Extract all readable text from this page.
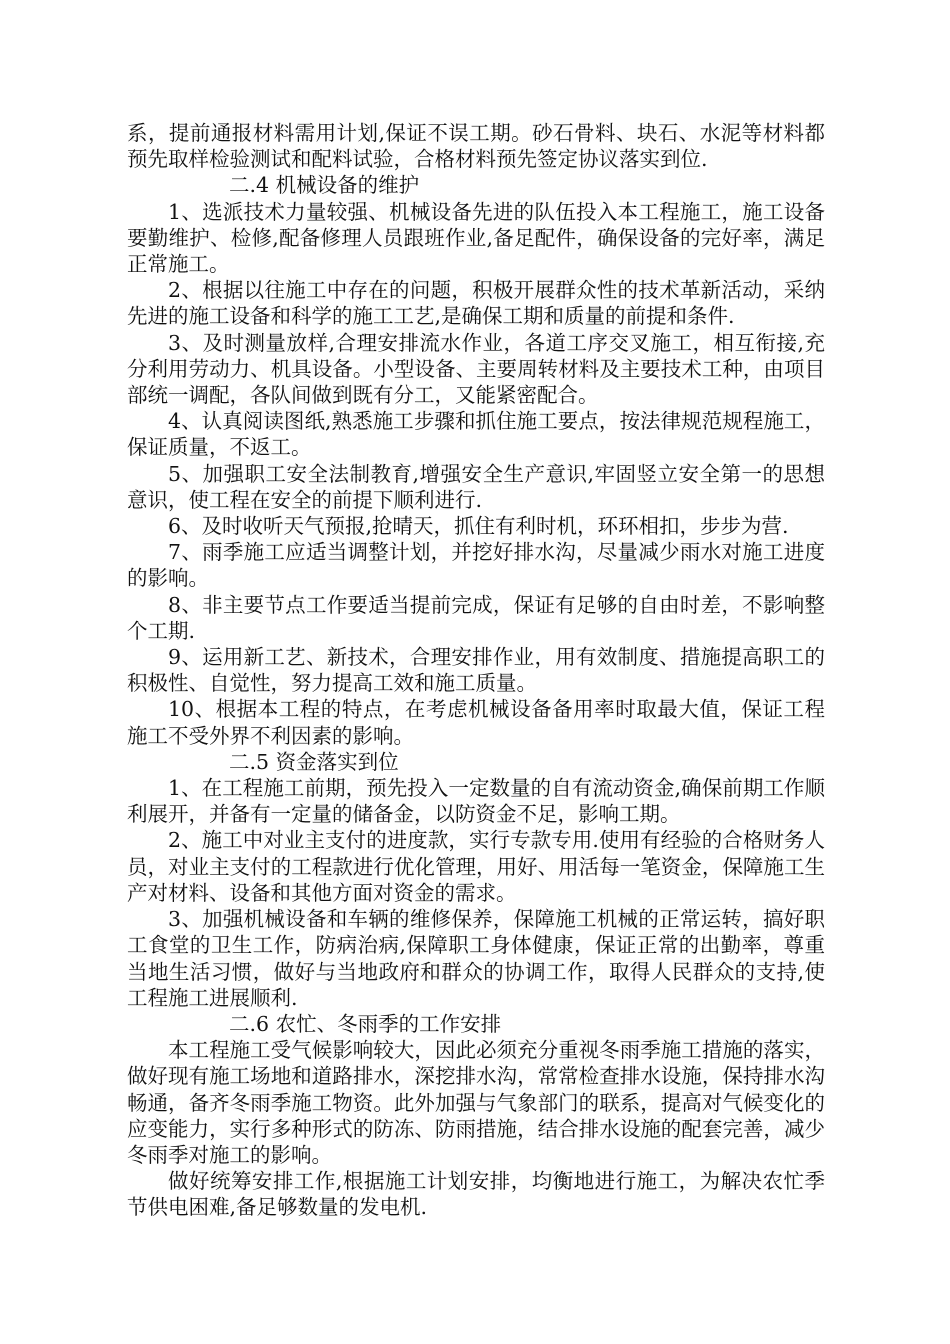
系，提前通报材料需用计划,保证不误工期。砂石骨料、块石、水泥等材料都预先取样检验测试和配料试验，合格材料预先签定协议落实到位.

二.4 机械设备的维护

1、选派技术力量较强、机械设备先进的队伍投入本工程施工，施工设备要勤维护、检修,配备修理人员跟班作业,备足配件，确保设备的完好率，满足正常施工。

2、根据以往施工中存在的问题，积极开展群众性的技术革新活动，采纳先进的施工设备和科学的施工工艺,是确保工期和质量的前提和条件.

3、及时测量放样,合理安排流水作业，各道工序交叉施工，相互衔接,充分利用劳动力、机具设备。小型设备、主要周转材料及主要技术工种，由项目部统一调配，各队间做到既有分工，又能紧密配合。

4、认真阅读图纸,熟悉施工步骤和抓住施工要点，按法律规范规程施工，保证质量，不返工。

5、加强职工安全法制教育,增强安全生产意识,牢固竖立安全第一的思想意识，使工程在安全的前提下顺利进行.

6、及时收听天气预报,抢晴天，抓住有利时机，环环相扣，步步为营.

7、雨季施工应适当调整计划，并挖好排水沟，尽量减少雨水对施工进度的影响。

8、非主要节点工作要适当提前完成，保证有足够的自由时差，不影响整个工期.

9、运用新工艺、新技术，合理安排作业，用有效制度、措施提高职工的积极性、自觉性，努力提高工效和施工质量。

10、根据本工程的特点，在考虑机械设备备用率时取最大值，保证工程施工不受外界不利因素的影响。

二.5 资金落实到位

1、在工程施工前期，预先投入一定数量的自有流动资金,确保前期工作顺利展开，并备有一定量的储备金，以防资金不足，影响工期。

2、施工中对业主支付的进度款，实行专款专用.使用有经验的合格财务人员，对业主支付的工程款进行优化管理，用好、用活每一笔资金，保障施工生产对材料、设备和其他方面对资金的需求。

3、加强机械设备和车辆的维修保养，保障施工机械的正常运转，搞好职工食堂的卫生工作，防病治病,保障职工身体健康，保证正常的出勤率，尊重当地生活习惯，做好与当地政府和群众的协调工作，取得人民群众的支持,使工程施工进展顺利.

二.6 农忙、冬雨季的工作安排

本工程施工受气候影响较大，因此必须充分重视冬雨季施工措施的落实，做好现有施工场地和道路排水，深挖排水沟，常常检查排水设施，保持排水沟畅通，备齐冬雨季施工物资。此外加强与气象部门的联系，提高对气候变化的应变能力，实行多种形式的防冻、防雨措施，结合排水设施的配套完善，减少冬雨季对施工的影响。

做好统筹安排工作,根据施工计划安排，均衡地进行施工，为解决农忙季节供电困难,备足够数量的发电机.
